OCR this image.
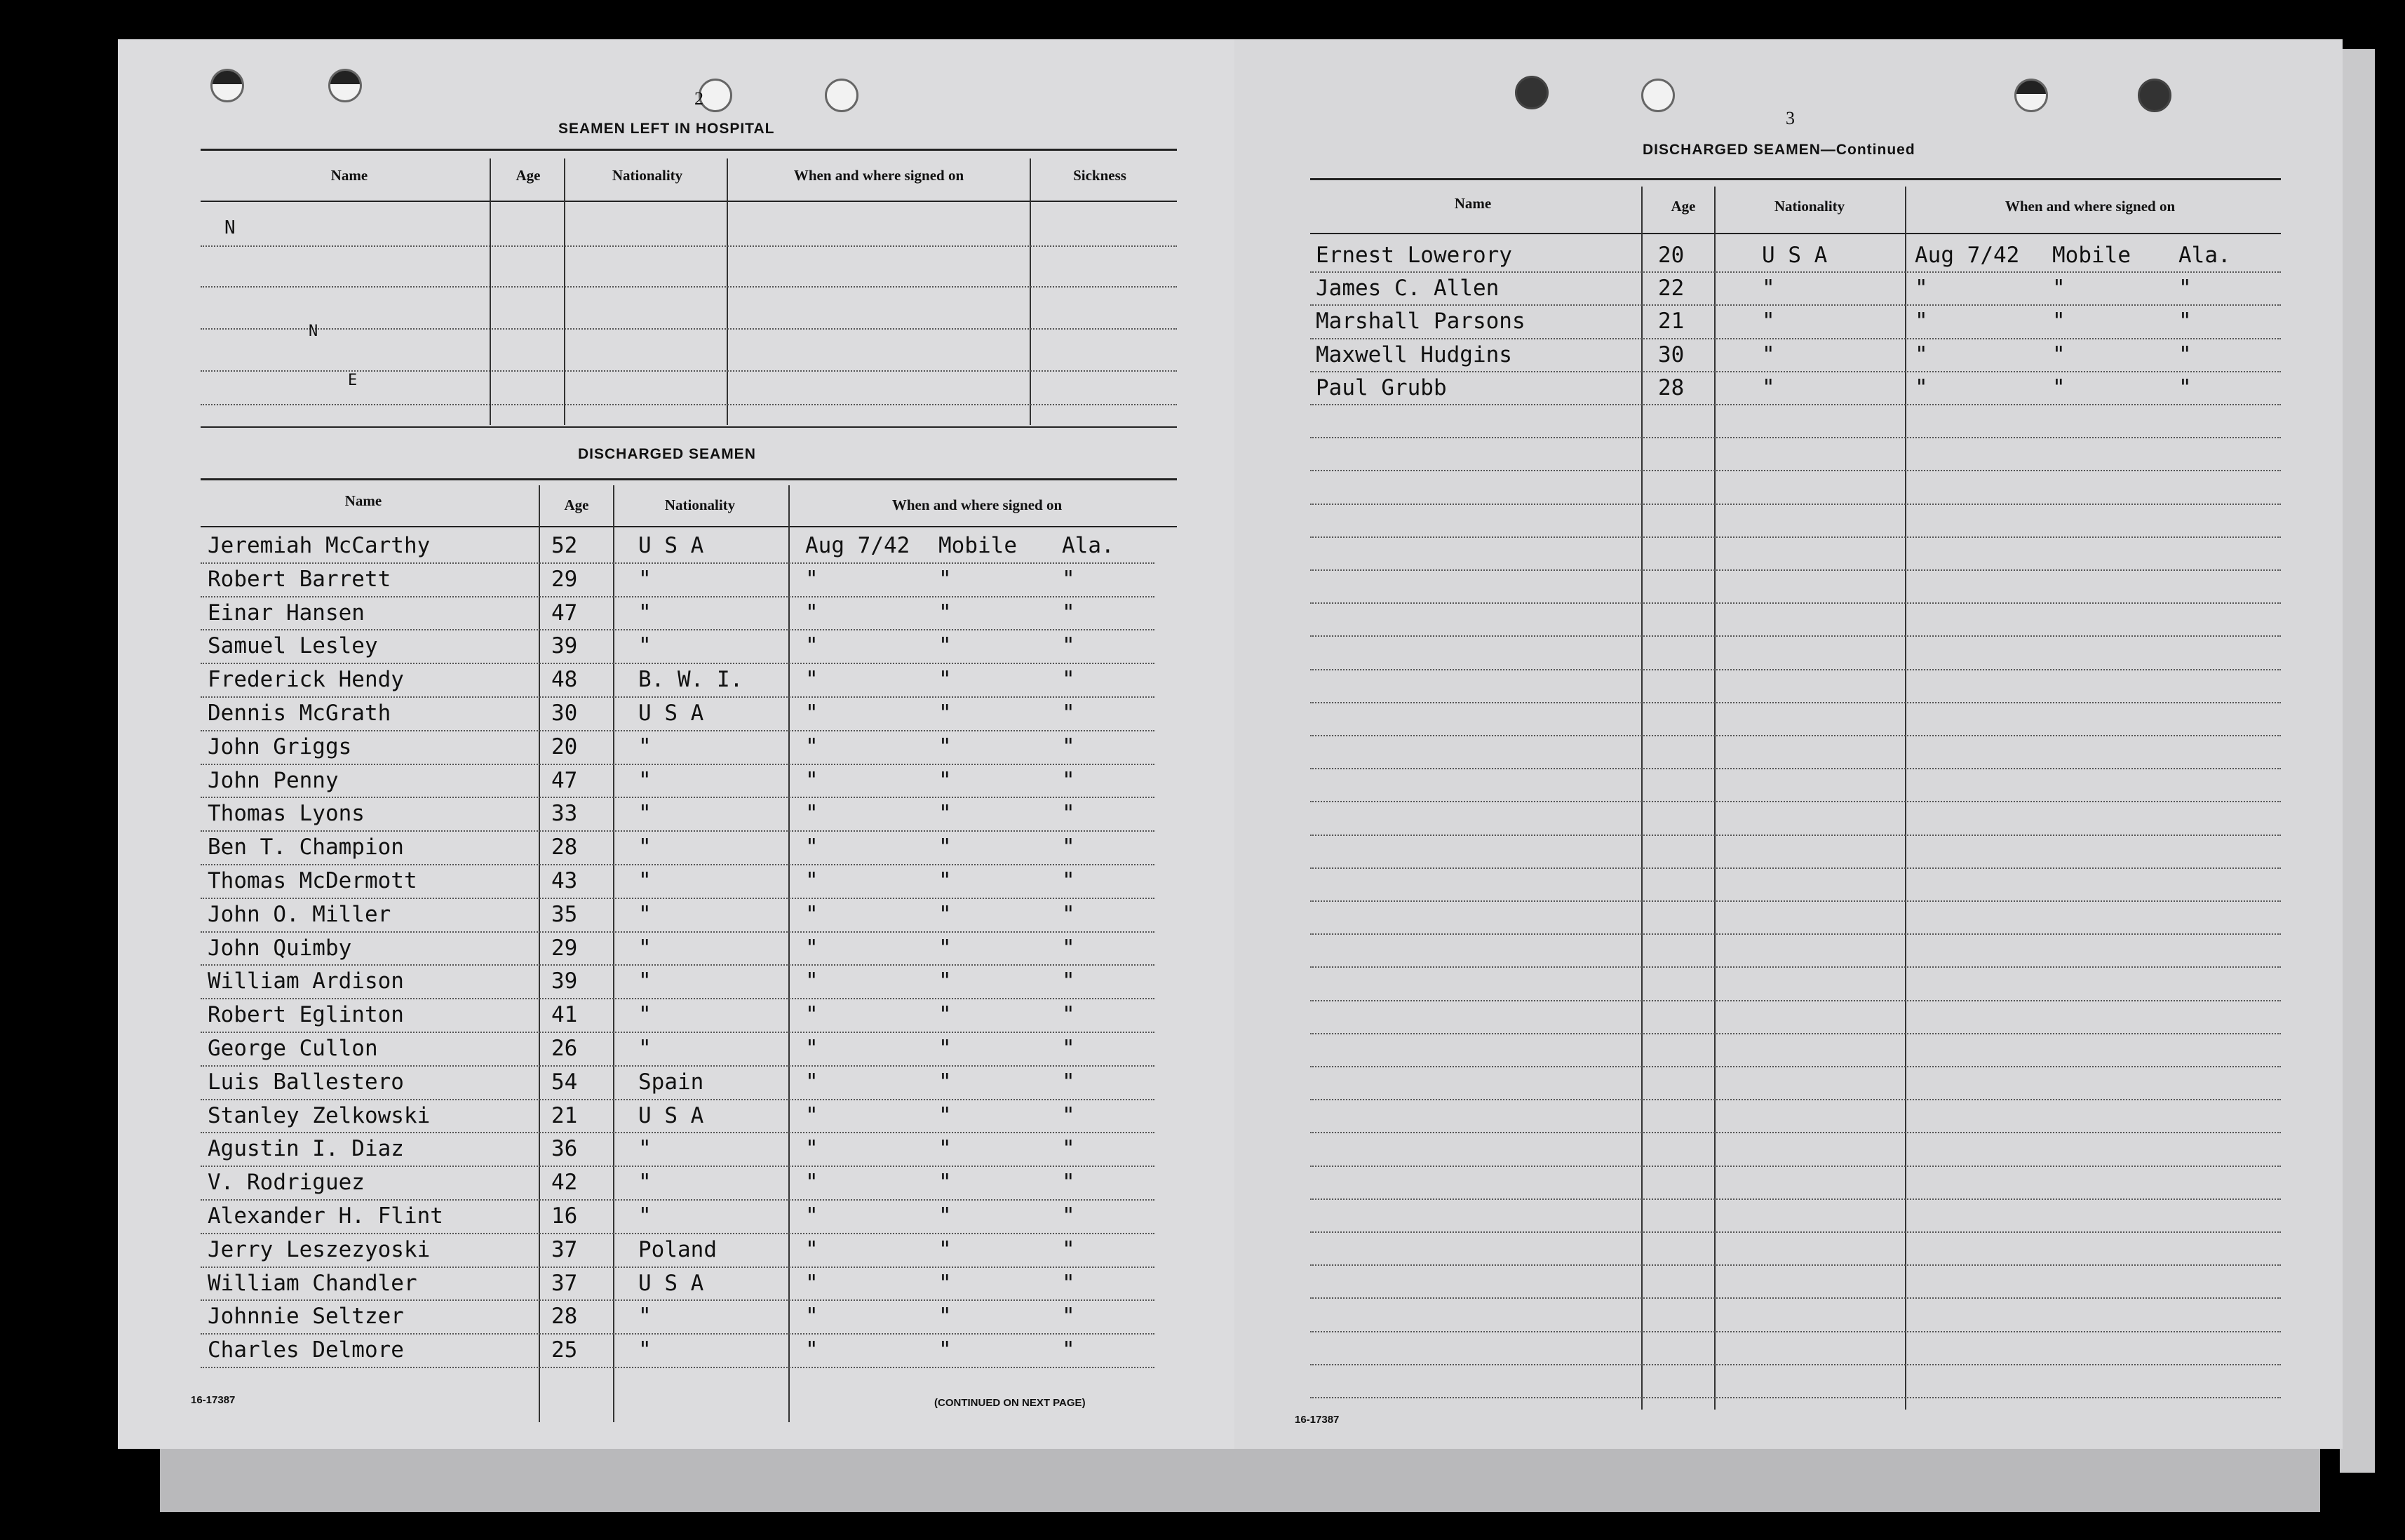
2
SEAMEN LEFT IN HOSPITAL
Name	Age	Nationality	When and where signed on	Sickness
N
N
E
DISCHARGED SEAMEN
Name	Age	Nationality	When and where signed on
Jeremiah McCarthy	52	U S A	Aug 7/42 Mobile Ala.
Robert Barrett	29	"	"	"	"
Einar Hansen	47	"	"	"	"
Samuel Lesley	39	"	"	"	"
Frederick Hendy	48	B. W. I.	"	"	"
Dennis McGrath	30	U S A	"	"	"
John Griggs	20	"	"	"	"
John Penny	47	"	"	"	"
Thomas Lyons	33	"	"	"	"
Ben T. Champion	28	"	"	"	"
Thomas McDermott	43	"	"	"	"
John O. Miller	35	"	"	"	"
John Quimby	29	"	"	"	"
William Ardison	39	"	"	"	"
Robert Eglinton	41	"	"	"	"
George Cullon	26	"	"	"	"
Luis Ballestero	54	Spain	"	"	"
Stanley Zelkowski	21	U S A	"	"	"
Agustin I. Diaz	36	"	"	"	"
V. Rodriguez	42	"	"	"	"
Alexander H. Flint	16	"	"	"	"
Jerry Leszezyoski	37	Poland	"	"	"
William Chandler	37	U S A	"	"	"
Johnnie Seltzer	28	"	"	"	"
Charles Delmore	25	"	"	"	"
16-17387	(CONTINUED ON NEXT PAGE)
3
DISCHARGED SEAMEN—Continued
Name	Age	Nationality	When and where signed on
Ernest Lowerory	20	U S A	Aug 7/42 Mobile Ala.
James C. Allen	22	"	"	"	"
Marshall Parsons	21	"	"	"	"
Maxwell Hudgins	30	"	"	"	"
Paul Grubb	28	"	"	"	"
16-17387
